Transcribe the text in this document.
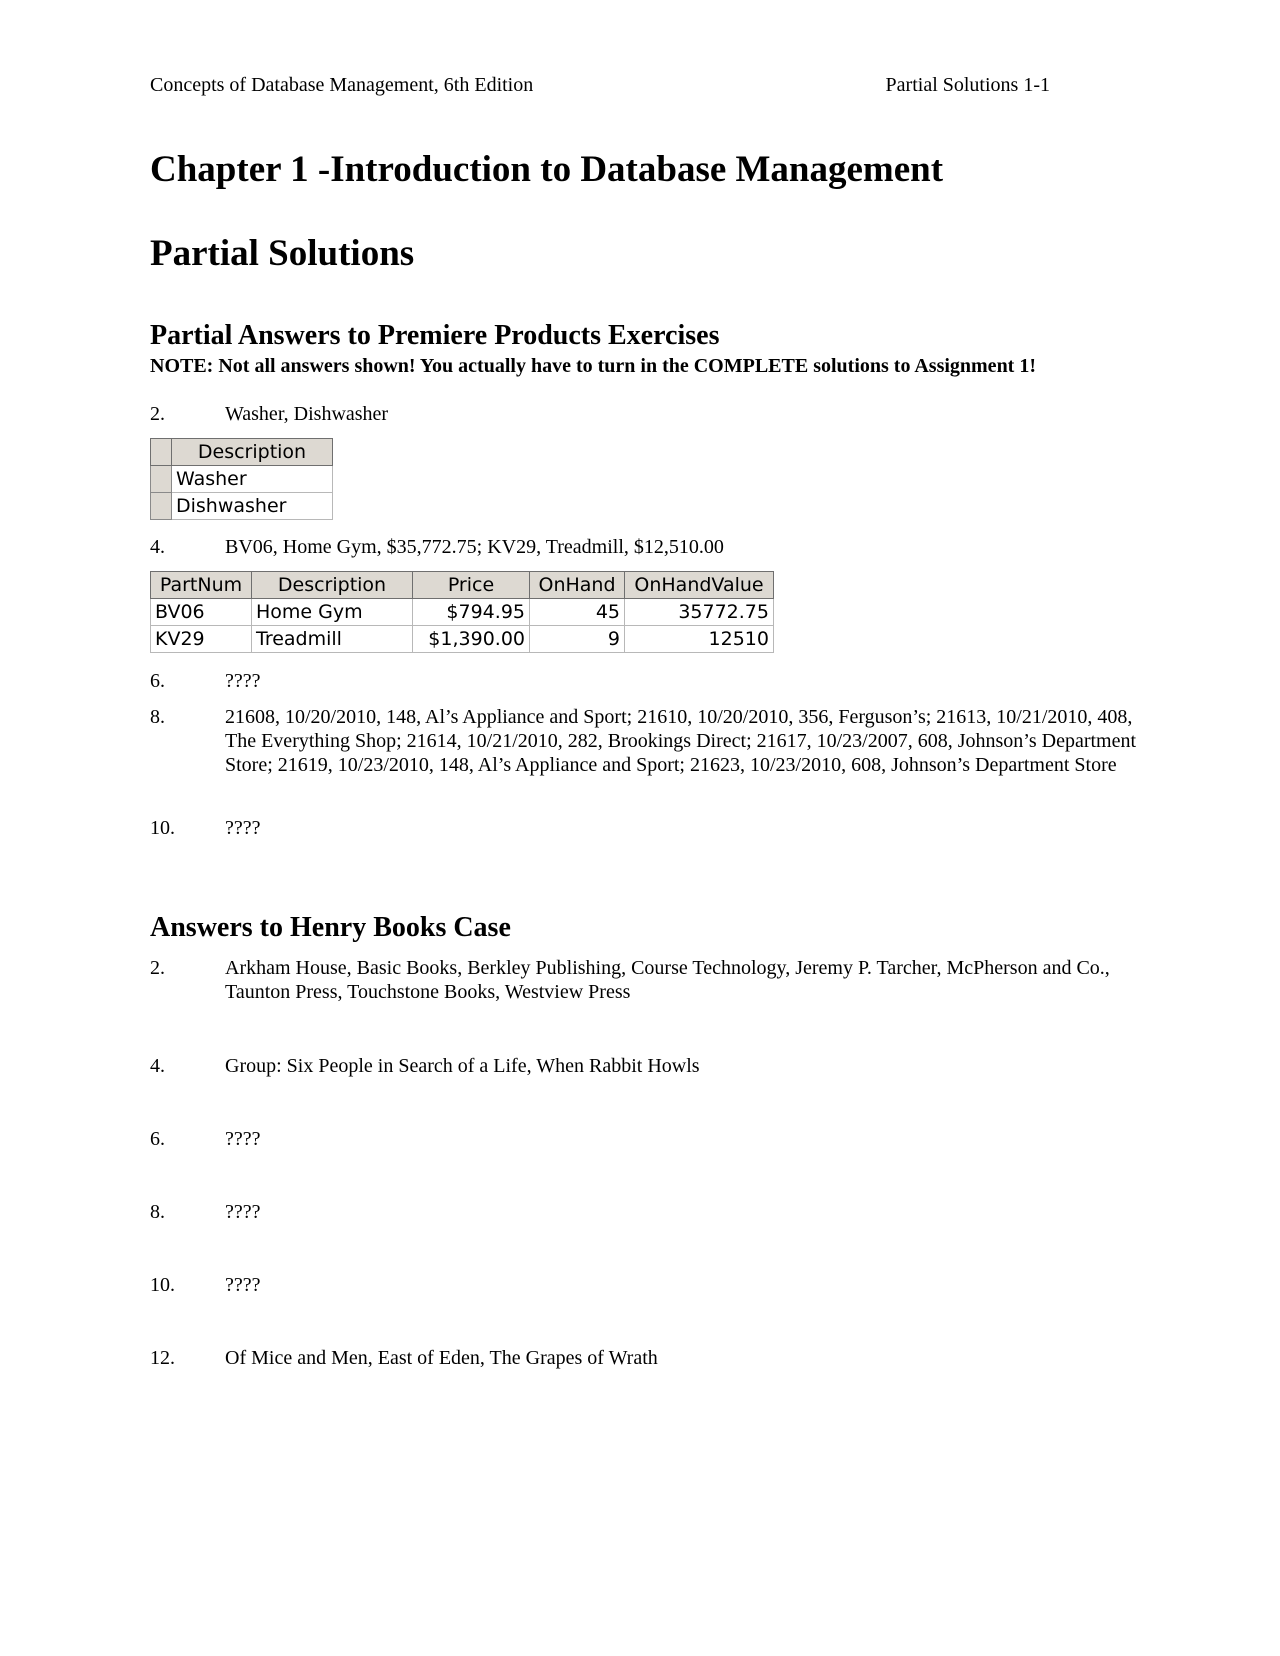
Concepts of Database Management, 6th Edition	Partial Solutions 1-1
Chapter 1 -Introduction to Database Management
Partial Solutions
Partial Answers to Premiere Products Exercises
NOTE: Not all answers shown! You actually have to turn in the COMPLETE solutions to Assignment 1!
2.	Washer, Dishwasher
	Description
	Washer
	Dishwasher
4.	BV06, Home Gym, $35,772.75; KV29, Treadmill, $12,510.00
PartNum	Description	Price	OnHand	OnHandValue
BV06	Home Gym	$794.95	45	35772.75
KV29	Treadmill	$1,390.00	9	12510
6.	????
8.	21608, 10/20/2010, 148, Al’s Appliance and Sport; 21610, 10/20/2010, 356, Ferguson’s; 21613, 10/21/2010, 408, The Everything Shop; 21614, 10/21/2010, 282, Brookings Direct; 21617, 10/23/2007, 608, Johnson’s Department Store; 21619, 10/23/2010, 148, Al’s Appliance and Sport; 21623, 10/23/2010, 608, Johnson’s Department Store
10.	????
Answers to Henry Books Case
2.	Arkham House, Basic Books, Berkley Publishing, Course Technology, Jeremy P. Tarcher, McPherson and Co., Taunton Press, Touchstone Books, Westview Press
4.	Group: Six People in Search of a Life, When Rabbit Howls
6.	????
8.	????
10.	????
12.	Of Mice and Men, East of Eden, The Grapes of Wrath
